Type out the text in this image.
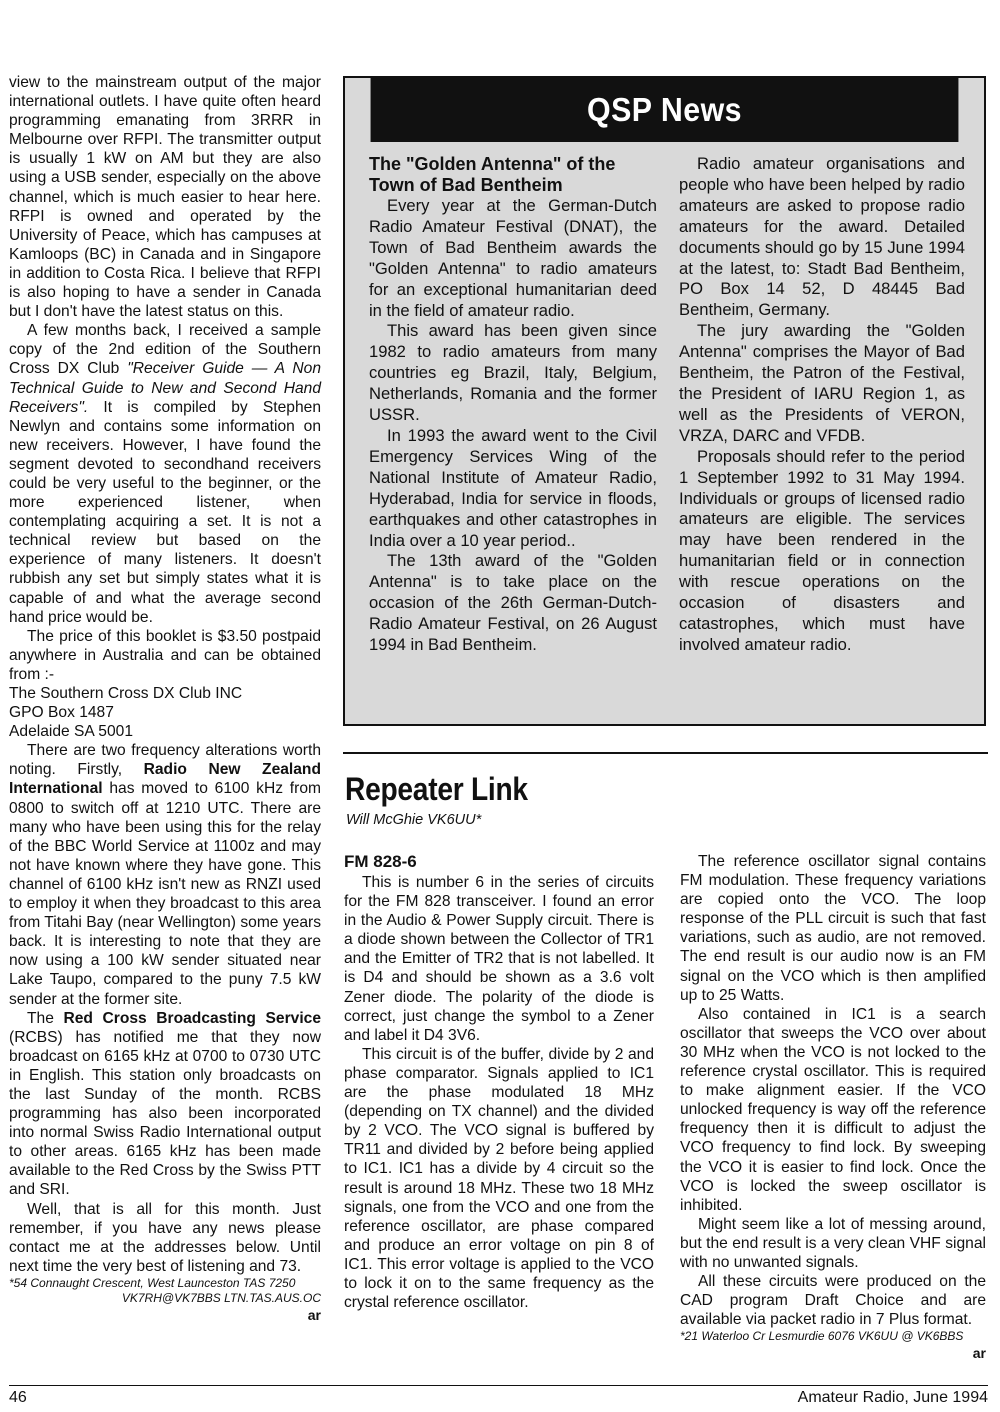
view to the mainstream output of the major international outlets. I have quite often heard programming emanating from 3RRR in Melbourne over RFPI. The transmitter output is usually 1 kW on AM but they are also using a USB sender, especially on the above channel, which is much easier to hear here. RFPI is owned and operated by the University of Peace, which has campuses at Kamloops (BC) in Canada and in Singapore in addition to Costa Rica. I believe that RFPI is also hoping to have a sender in Canada but I don't have the latest status on this.

A few months back, I received a sample copy of the 2nd edition of the Southern Cross DX Club "Receiver Guide — A Non Technical Guide to New and Second Hand Receivers". It is compiled by Stephen Newlyn and contains some information on new receivers. However, I have found the segment devoted to secondhand receivers could be very useful to the beginner, or the more experienced listener, when contemplating acquiring a set. It is not a technical review but based on the experience of many listeners. It doesn't rubbish any set but simply states what it is capable of and what the average second hand price would be.

The price of this booklet is $3.50 postpaid anywhere in Australia and can be obtained from :-

The Southern Cross DX Club INC

GPO Box 1487

Adelaide SA 5001

There are two frequency alterations worth noting. Firstly, Radio New Zealand International has moved to 6100 kHz from 0800 to switch off at 1210 UTC. There are many who have been using this for the relay of the BBC World Service at 1100z and may not have known where they have gone. This channel of 6100 kHz isn't new as RNZI used to employ it when they broadcast to this area from Titahi Bay (near Wellington) some years back. It is interesting to note that they are now using a 100 kW sender situated near Lake Taupo, compared to the puny 7.5 kW sender at the former site.

The Red Cross Broadcasting Service (RCBS) has notified me that they now broadcast on 6165 kHz at 0700 to 0730 UTC in English. This station only broadcasts on the last Sunday of the month. RCBS programming has also been incorporated into normal Swiss Radio International output to other areas. 6165 kHz has been made available to the Red Cross by the Swiss PTT and SRI.

Well, that is all for this month. Just remember, if you have any news please contact me at the addresses below. Until next time the very best of listening and 73.

*54 Connaught Crescent, West Launceston TAS 7250

VK7RH@VK7BBS LTN.TAS.AUS.OC

ar

QSP News

The "Golden Antenna" of the Town of Bad Bentheim

Every year at the German-Dutch Radio Amateur Festival (DNAT), the Town of Bad Bentheim awards the "Golden Antenna" to radio amateurs for an exceptional humanitarian deed in the field of amateur radio.

This award has been given since 1982 to radio amateurs from many countries eg Brazil, Italy, Belgium, Netherlands, Romania and the former USSR.

In 1993 the award went to the Civil Emergency Services Wing of the National Institute of Amateur Radio, Hyderabad, India for service in floods, earthquakes and other catastrophes in India over a 10 year period..

The 13th award of the "Golden Antenna" is to take place on the occasion of the 26th German-Dutch-Radio Amateur Festival, on 26 August 1994 in Bad Bentheim.

Radio amateur organisations and people who have been helped by radio amateurs are asked to propose radio amateurs for the award. Detailed documents should go by 15 June 1994 at the latest, to: Stadt Bad Bentheim, PO Box 14 52, D 48445 Bad Bentheim, Germany.

The jury awarding the "Golden Antenna" comprises the Mayor of Bad Bentheim, the Patron of the Festival, the President of IARU Region 1, as well as the Presidents of VERON, VRZA, DARC and VFDB.

Proposals should refer to the period 1 September 1992 to 31 May 1994. Individuals or groups of licensed radio amateurs are eligible. The services may have been rendered in the humanitarian field or in connection with rescue operations on the occasion of disasters and catastrophes, which must have involved amateur radio.

Repeater Link
Will McGhie VK6UU*

FM 828-6

This is number 6 in the series of circuits for the FM 828 transceiver. I found an error in the Audio & Power Supply circuit. There is a diode shown between the Collector of TR1 and the Emitter of TR2 that is not labelled. It is D4 and should be shown as a 3.6 volt Zener diode. The polarity of the diode is correct, just change the symbol to a Zener and label it D4 3V6.

This circuit is of the buffer, divide by 2 and phase comparator. Signals applied to IC1 are the phase modulated 18 MHz (depending on TX channel) and the divided by 2 VCO. The VCO signal is buffered by TR11 and divided by 2 before being applied to IC1. IC1 has a divide by 4 circuit so the result is around 18 MHz. These two 18 MHz signals, one from the VCO and one from the reference oscillator, are phase compared and produce an error voltage on pin 8 of IC1. This error voltage is applied to the VCO to lock it on to the same frequency as the crystal reference oscillator.

The reference oscillator signal contains FM modulation. These frequency variations are copied onto the VCO. The loop response of the PLL circuit is such that fast variations, such as audio, are not removed. The end result is our audio now is an FM signal on the VCO which is then amplified up to 25 Watts.

Also contained in IC1 is a search oscillator that sweeps the VCO over about 30 MHz when the VCO is not locked to the reference crystal oscillator. This is required to make alignment easier. If the VCO unlocked frequency is way off the reference frequency then it is difficult to adjust the VCO frequency to find lock. By sweeping the VCO it is easier to find lock. Once the VCO is locked the sweep oscillator is inhibited.

Might seem like a lot of messing around, but the end result is a very clean VHF signal with no unwanted signals.

All these circuits were produced on the CAD program Draft Choice and are available via packet radio in 7 Plus format.

*21 Waterloo Cr Lesmurdie 6076 VK6UU @ VK6BBS

ar

46	Amateur Radio, June 1994
